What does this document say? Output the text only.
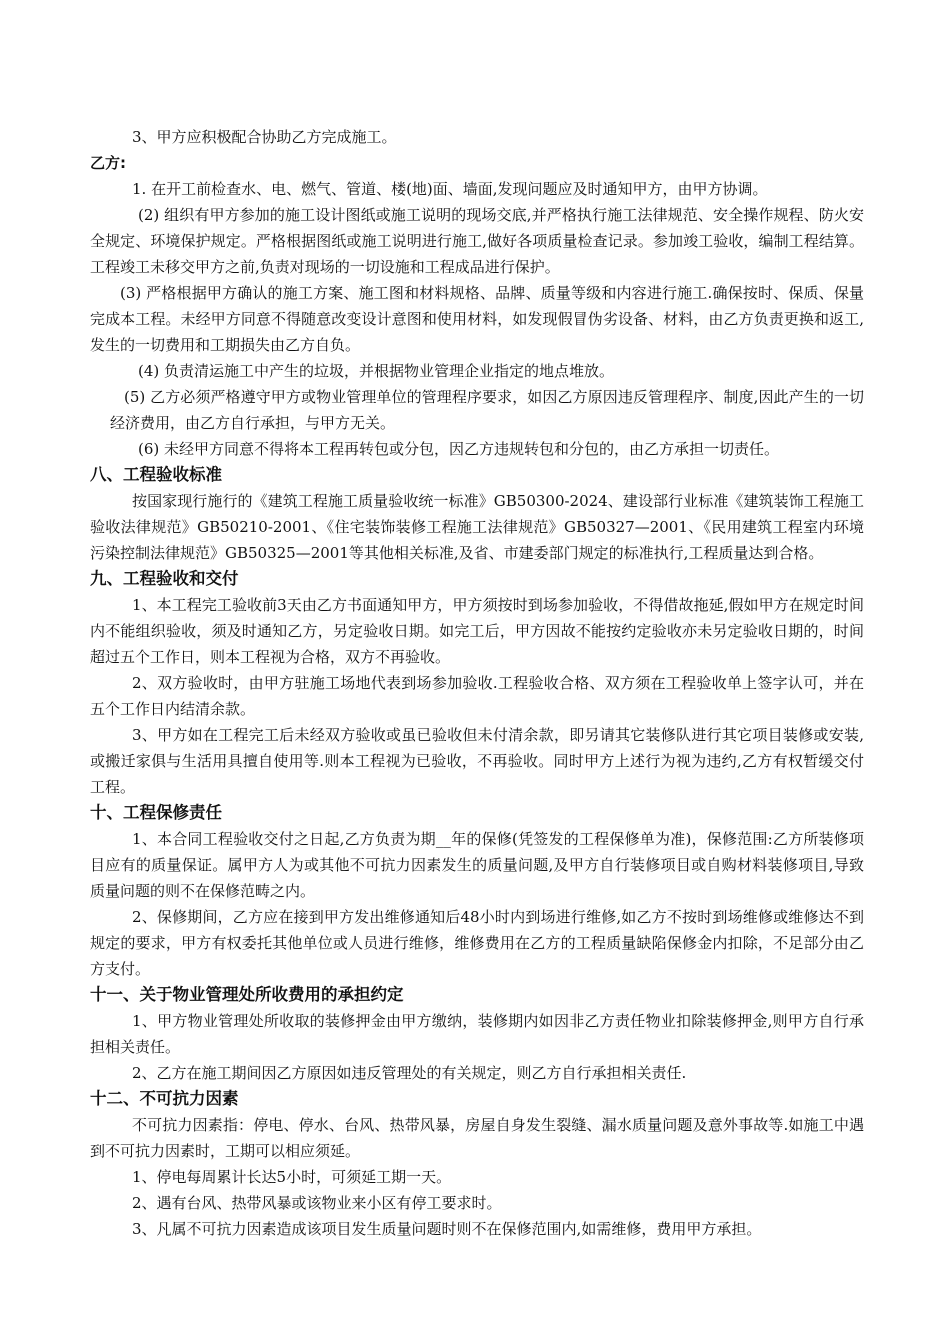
3、甲方应积极配合协助乙方完成施工。

乙方:

1. 在开工前检查水、电、燃气、管道、楼(地)面、墙面,发现问题应及时通知甲方，由甲方协调。

(2) 组织有甲方参加的施工设计图纸或施工说明的现场交底,并严格执行施工法律规范、安全操作规程、防火安全规定、环境保护规定。严格根据图纸或施工说明进行施工,做好各项质量检查记录。参加竣工验收，编制工程结算。工程竣工未移交甲方之前,负责对现场的一切设施和工程成品进行保护。

(3) 严格根据甲方确认的施工方案、施工图和材料规格、品牌、质量等级和内容进行施工.确保按时、保质、保量完成本工程。未经甲方同意不得随意改变设计意图和使用材料，如发现假冒伪劣设备、材料，由乙方负责更换和返工,发生的一切费用和工期损失由乙方自负。

(4) 负责清运施工中产生的垃圾，并根据物业管理企业指定的地点堆放。

(5) 乙方必须严格遵守甲方或物业管理单位的管理程序要求，如因乙方原因违反管理程序、制度,因此产生的一切经济费用，由乙方自行承担，与甲方无关。

(6) 未经甲方同意不得将本工程再转包或分包，因乙方违规转包和分包的，由乙方承担一切责任。

八、工程验收标准

按国家现行施行的《建筑工程施工质量验收统一标准》GB50300-2024、建设部行业标准《建筑装饰工程施工验收法律规范》GB50210-2001、《住宅装饰装修工程施工法律规范》GB50327—2001、《民用建筑工程室内环境污染控制法律规范》GB50325—2001等其他相关标准,及省、市建委部门规定的标准执行,工程质量达到合格。

九、工程验收和交付

1、本工程完工验收前3天由乙方书面通知甲方，甲方须按时到场参加验收，不得借故拖延,假如甲方在规定时间内不能组织验收，须及时通知乙方，另定验收日期。如完工后，甲方因故不能按约定验收亦未另定验收日期的，时间超过五个工作日，则本工程视为合格，双方不再验收。

2、双方验收时，由甲方驻施工场地代表到场参加验收.工程验收合格、双方须在工程验收单上签字认可，并在五个工作日内结清余款。

3、甲方如在工程完工后未经双方验收或虽已验收但未付清余款，即另请其它装修队进行其它项目装修或安装,或搬迁家俱与生活用具擅自使用等.则本工程视为已验收，不再验收。同时甲方上述行为视为违约,乙方有权暂缓交付工程。

十、工程保修责任

1、本合同工程验收交付之日起,乙方负责为期__年的保修(凭签发的工程保修单为准)，保修范围:乙方所装修项目应有的质量保证。属甲方人为或其他不可抗力因素发生的质量问题,及甲方自行装修项目或自购材料装修项目,导致质量问题的则不在保修范畴之内。

2、保修期间，乙方应在接到甲方发出维修通知后48小时内到场进行维修,如乙方不按时到场维修或维修达不到规定的要求，甲方有权委托其他单位或人员进行维修，维修费用在乙方的工程质量缺陷保修金内扣除，不足部分由乙方支付。

十一、关于物业管理处所收费用的承担约定

1、甲方物业管理处所收取的装修押金由甲方缴纳，装修期内如因非乙方责任物业扣除装修押金,则甲方自行承担相关责任。

2、乙方在施工期间因乙方原因如违反管理处的有关规定，则乙方自行承担相关责任.

十二、不可抗力因素

不可抗力因素指：停电、停水、台风、热带风暴，房屋自身发生裂缝、漏水质量问题及意外事故等.如施工中遇到不可抗力因素时，工期可以相应须延。

1、停电每周累计长达5小时，可须延工期一天。

2、遇有台风、热带风暴或该物业来小区有停工要求时。

3、凡属不可抗力因素造成该项目发生质量问题时则不在保修范围内,如需维修，费用甲方承担。
